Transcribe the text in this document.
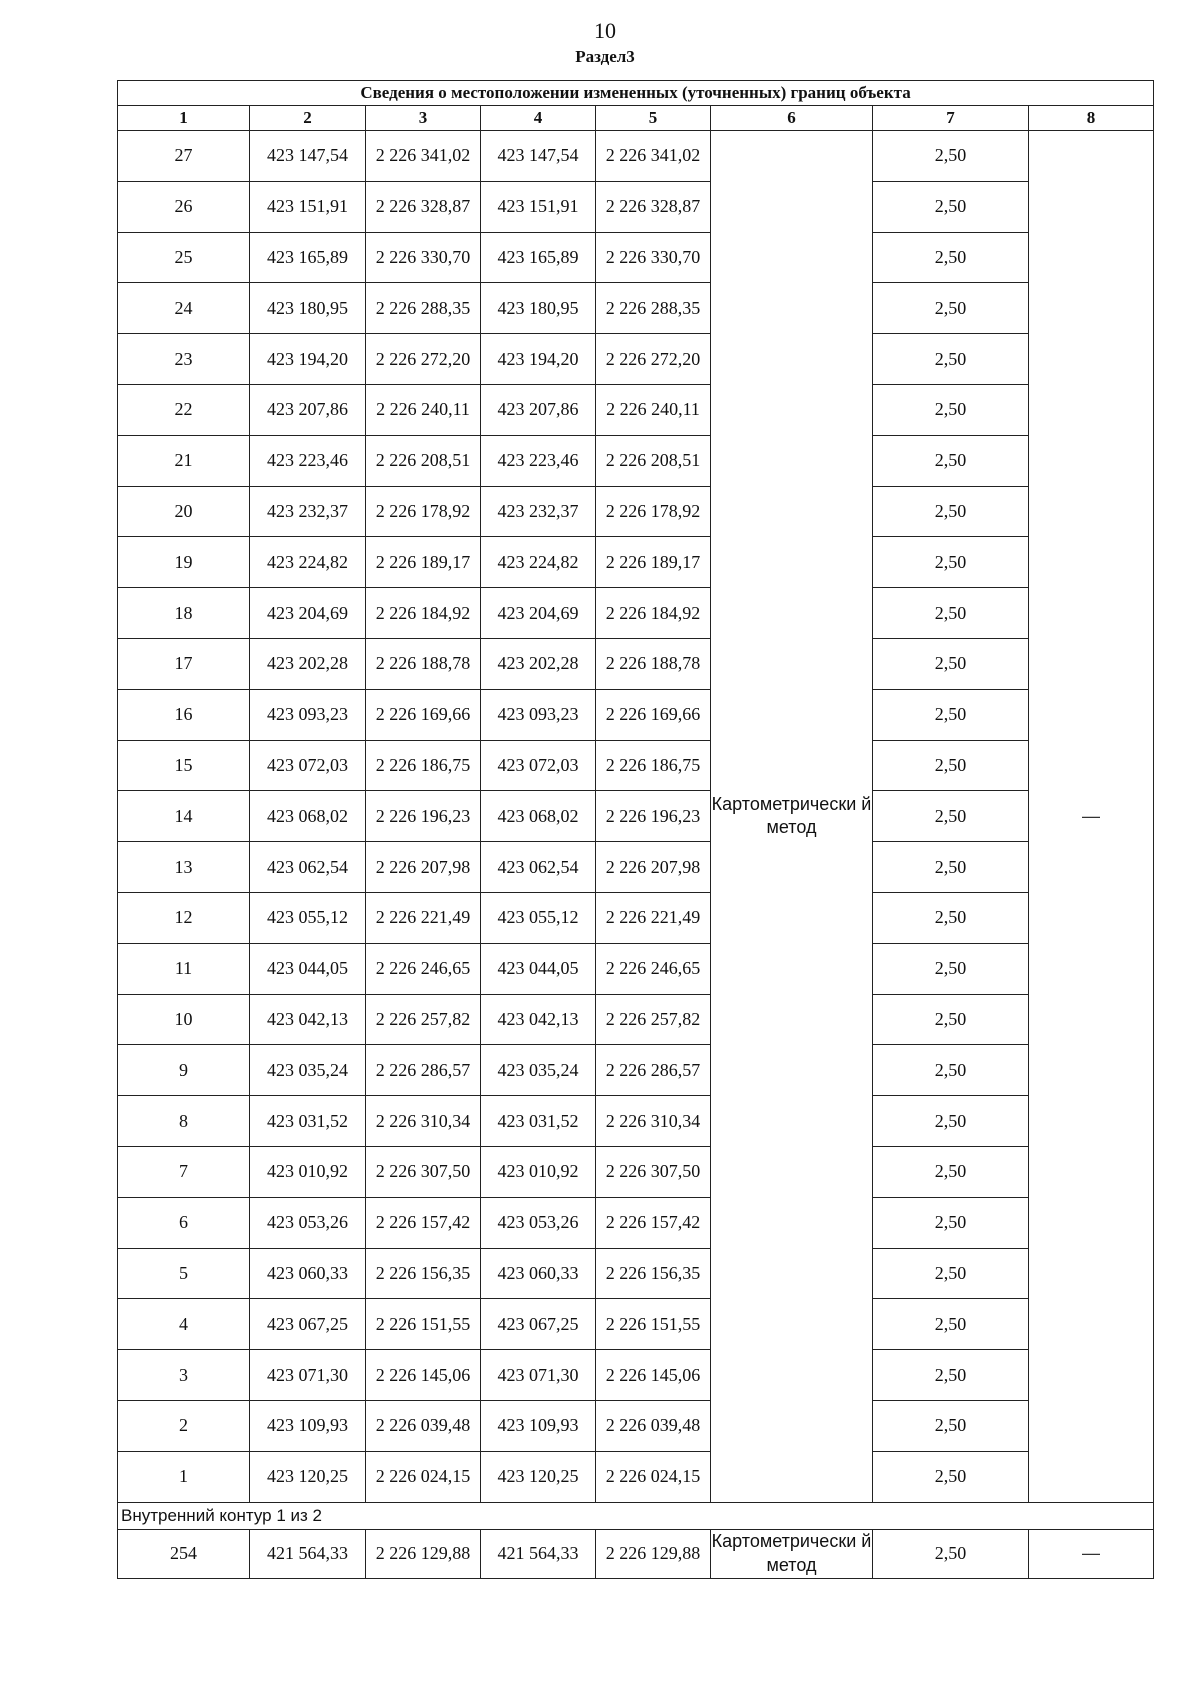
10
Раздел3
Сведения о местоположении измененных (уточненных) границ объекта							
1	2	3	4	5	6	7	8
27	423 147,54	2 226 341,02	423 147,54	2 226 341,02	Картометрически й метод	2,50	—
26	423 151,91	2 226 328,87	423 151,91	2 226 328,87		2,50	
25	423 165,89	2 226 330,70	423 165,89	2 226 330,70		2,50	
24	423 180,95	2 226 288,35	423 180,95	2 226 288,35		2,50	
23	423 194,20	2 226 272,20	423 194,20	2 226 272,20		2,50	
22	423 207,86	2 226 240,11	423 207,86	2 226 240,11		2,50	
21	423 223,46	2 226 208,51	423 223,46	2 226 208,51		2,50	
20	423 232,37	2 226 178,92	423 232,37	2 226 178,92		2,50	
19	423 224,82	2 226 189,17	423 224,82	2 226 189,17		2,50	
18	423 204,69	2 226 184,92	423 204,69	2 226 184,92		2,50	
17	423 202,28	2 226 188,78	423 202,28	2 226 188,78		2,50	
16	423 093,23	2 226 169,66	423 093,23	2 226 169,66		2,50	
15	423 072,03	2 226 186,75	423 072,03	2 226 186,75		2,50	
14	423 068,02	2 226 196,23	423 068,02	2 226 196,23		2,50	
13	423 062,54	2 226 207,98	423 062,54	2 226 207,98		2,50	
12	423 055,12	2 226 221,49	423 055,12	2 226 221,49		2,50	
11	423 044,05	2 226 246,65	423 044,05	2 226 246,65		2,50	
10	423 042,13	2 226 257,82	423 042,13	2 226 257,82		2,50	
9	423 035,24	2 226 286,57	423 035,24	2 226 286,57		2,50	
8	423 031,52	2 226 310,34	423 031,52	2 226 310,34		2,50	
7	423 010,92	2 226 307,50	423 010,92	2 226 307,50		2,50	
6	423 053,26	2 226 157,42	423 053,26	2 226 157,42		2,50	
5	423 060,33	2 226 156,35	423 060,33	2 226 156,35		2,50	
4	423 067,25	2 226 151,55	423 067,25	2 226 151,55		2,50	
3	423 071,30	2 226 145,06	423 071,30	2 226 145,06		2,50	
2	423 109,93	2 226 039,48	423 109,93	2 226 039,48		2,50	
1	423 120,25	2 226 024,15	423 120,25	2 226 024,15		2,50	
Внутренний контур 1 из 2							
254	421 564,33	2 226 129,88	421 564,33	2 226 129,88	Картометрически й метод	2,50	—
